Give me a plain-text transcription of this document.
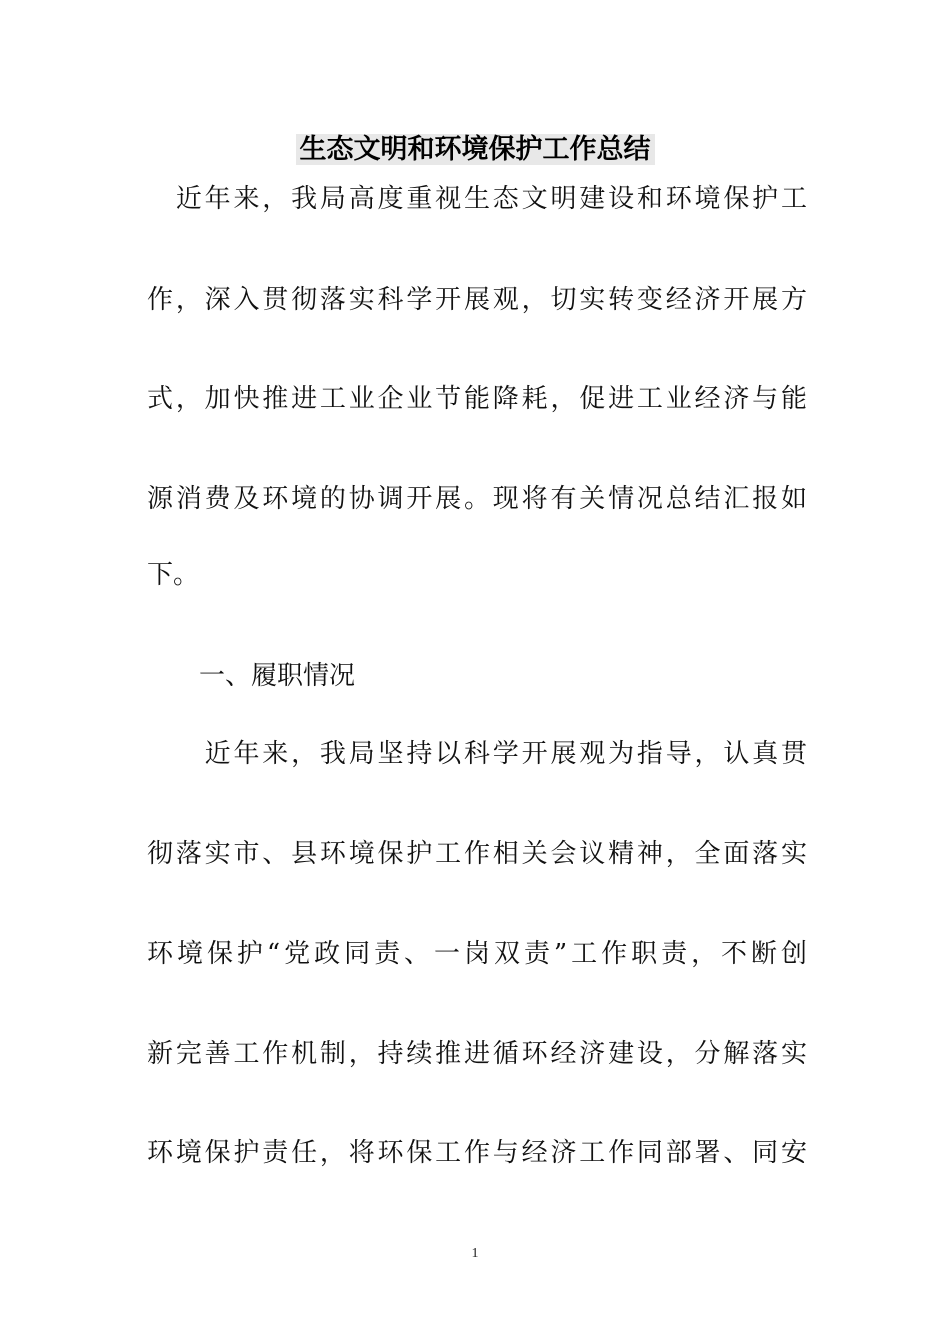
生态文明和环境保护工作总结
　近年来，我局高度重视生态文明建设和环境保护工
作，深入贯彻落实科学开展观，切实转变经济开展方
式，加快推进工业企业节能降耗，促进工业经济与能
源消费及环境的协调开展。现将有关情况总结汇报如
下。
　　一、履职情况
　　近年来，我局坚持以科学开展观为指导，认真贯
彻落实市、县环境保护工作相关会议精神，全面落实
环境保护“党政同责、一岗双责”工作职责，不断创
新完善工作机制，持续推进循环经济建设，分解落实
环境保护责任，将环保工作与经济工作同部署、同安
1
